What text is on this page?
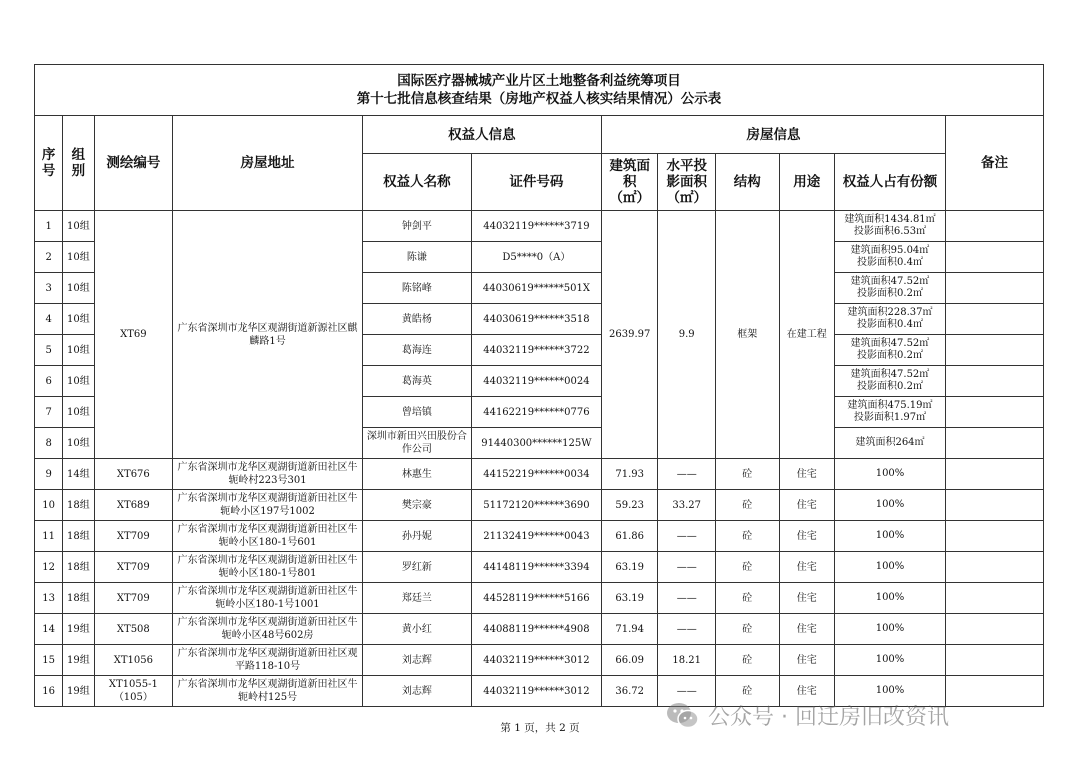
国际医疗器械城产业片区土地整备利益统筹项目
第十七批信息核查结果（房地产权益人核实结果情况）公示表											

序号	组别	测绘编号	房屋地址	权益人信息		房屋信息					备注
				权益人名称	证件号码	建筑面积（㎡）	水平投影面积（㎡）	结构	用途	权益人占有份额	
1	10组	XT69	广东省深圳市龙华区观湖街道新源社区麒麟路1号	钟剑平	44032119******3719	2639.97	9.9	框架	在建工程	建筑面积1434.81㎡
投影面积6.53㎡	
2	10组			陈谦	D5****0（A）					建筑面积95.04㎡
投影面积0.4㎡	
3	10组			陈铭峰	44030619******501X					建筑面积47.52㎡
投影面积0.2㎡	
4	10组			黄皓杨	44030619******3518					建筑面积228.37㎡
投影面积0.4㎡	
5	10组			葛海连	44032119******3722					建筑面积47.52㎡
投影面积0.2㎡	
6	10组			葛海英	44032119******0024					建筑面积47.52㎡
投影面积0.2㎡	
7	10组			曾培镇	44162219******0776					建筑面积475.19㎡
投影面积1.97㎡	
8	10组			深圳市新田兴田股份合作公司	91440300******125W					建筑面积264㎡	
9	14组	XT676	广东省深圳市龙华区观湖街道新田社区牛轭岭村223号301	林惠生	44152219******0034	71.93	——	砼	住宅	100%	
10	18组	XT689	广东省深圳市龙华区观湖街道新田社区牛轭岭小区197号1002	樊宗豪	51172120******3690	59.23	33.27	砼	住宅	100%	
11	18组	XT709	广东省深圳市龙华区观湖街道新田社区牛轭岭小区180-1号601	孙丹妮	21132419******0043	61.86	——	砼	住宅	100%	
12	18组	XT709	广东省深圳市龙华区观湖街道新田社区牛轭岭小区180-1号801	罗红新	44148119******3394	63.19	——	砼	住宅	100%	
13	18组	XT709	广东省深圳市龙华区观湖街道新田社区牛轭岭小区180-1号1001	郑廷兰	44528119******5166	63.19	——	砼	住宅	100%	
14	19组	XT508	广东省深圳市龙华区观湖街道新田社区牛轭岭小区48号602房	黄小红	44088119******4908	71.94	——	砼	住宅	100%	
15	19组	XT1056	广东省深圳市龙华区观湖街道新田社区观平路118-10号	刘志辉	44032119******3012	66.09	18.21	砼	住宅	100%	
16	19组	XT1055-1（105）	广东省深圳市龙华区观湖街道新田社区牛轭岭村125号	刘志辉	44032119******3012	36.72	——	砼	住宅	100%	
第 1 页，共 2 页	公众号 · 回迁房旧改资讯
